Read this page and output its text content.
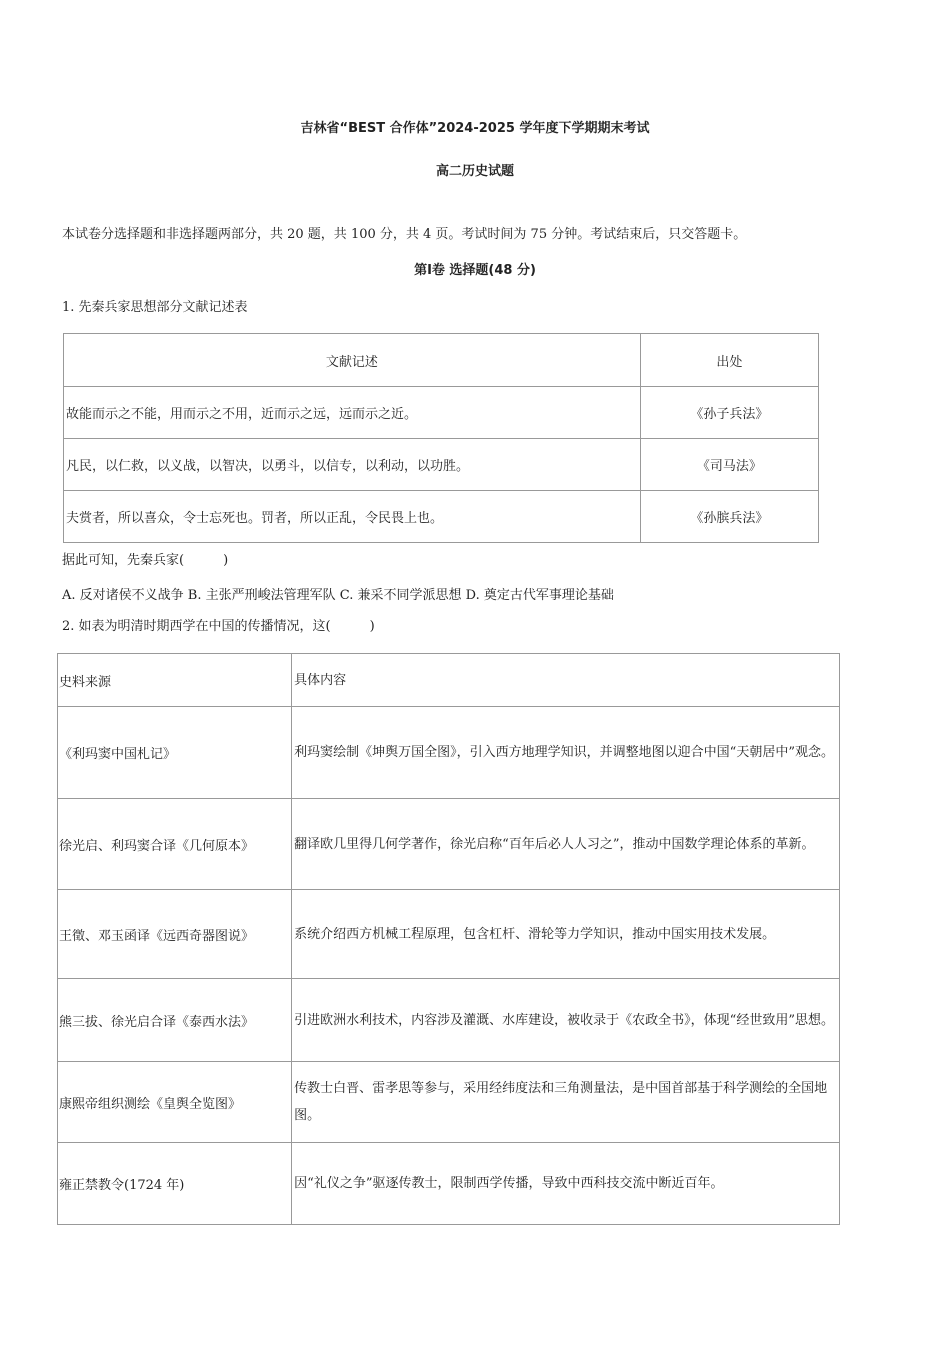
吉林省“BEST 合作体”2024-2025 学年度下学期期末考试
高二历史试题
本试卷分选择题和非选择题两部分，共 20 题，共 100 分，共 4 页。考试时间为 75 分钟。考试结束后，只交答题卡。
第Ⅰ卷 选择题(48 分)
1. 先秦兵家思想部分文献记述表
文献记述	出处
故能而示之不能，用而示之不用，近而示之远，远而示之近。	《孙子兵法》
凡民，以仁救，以义战，以智决，以勇斗，以信专，以利动，以功胜。	《司马法》
夫赏者，所以喜众，令士忘死也。罚者，所以正乱，令民畏上也。	《孙膑兵法》
据此可知，先秦兵家(　　　)
A. 反对诸侯不义战争 B. 主张严刑峻法管理军队 C. 兼采不同学派思想 D. 奠定古代军事理论基础
2. 如表为明清时期西学在中国的传播情况，这(　　　)
史料来源	具体内容
《利玛窦中国札记》	利玛窦绘制《坤舆万国全图》，引入西方地理学知识，并调整地图以迎合中国“天朝居中”观念。
徐光启、利玛窦合译《几何原本》	翻译欧几里得几何学著作，徐光启称“百年后必人人习之”，推动中国数学理论体系的革新。
王徵、邓玉函译《远西奇器图说》	系统介绍西方机械工程原理，包含杠杆、滑轮等力学知识，推动中国实用技术发展。
熊三拔、徐光启合译《泰西水法》	引进欧洲水利技术，内容涉及灌溉、水库建设，被收录于《农政全书》，体现“经世致用”思想。
康熙帝组织测绘《皇舆全览图》	传教士白晋、雷孝思等参与，采用经纬度法和三角测量法，是中国首部基于科学测绘的全国地图。
雍正禁教令(1724 年)	因“礼仪之争”驱逐传教士，限制西学传播，导致中西科技交流中断近百年。
